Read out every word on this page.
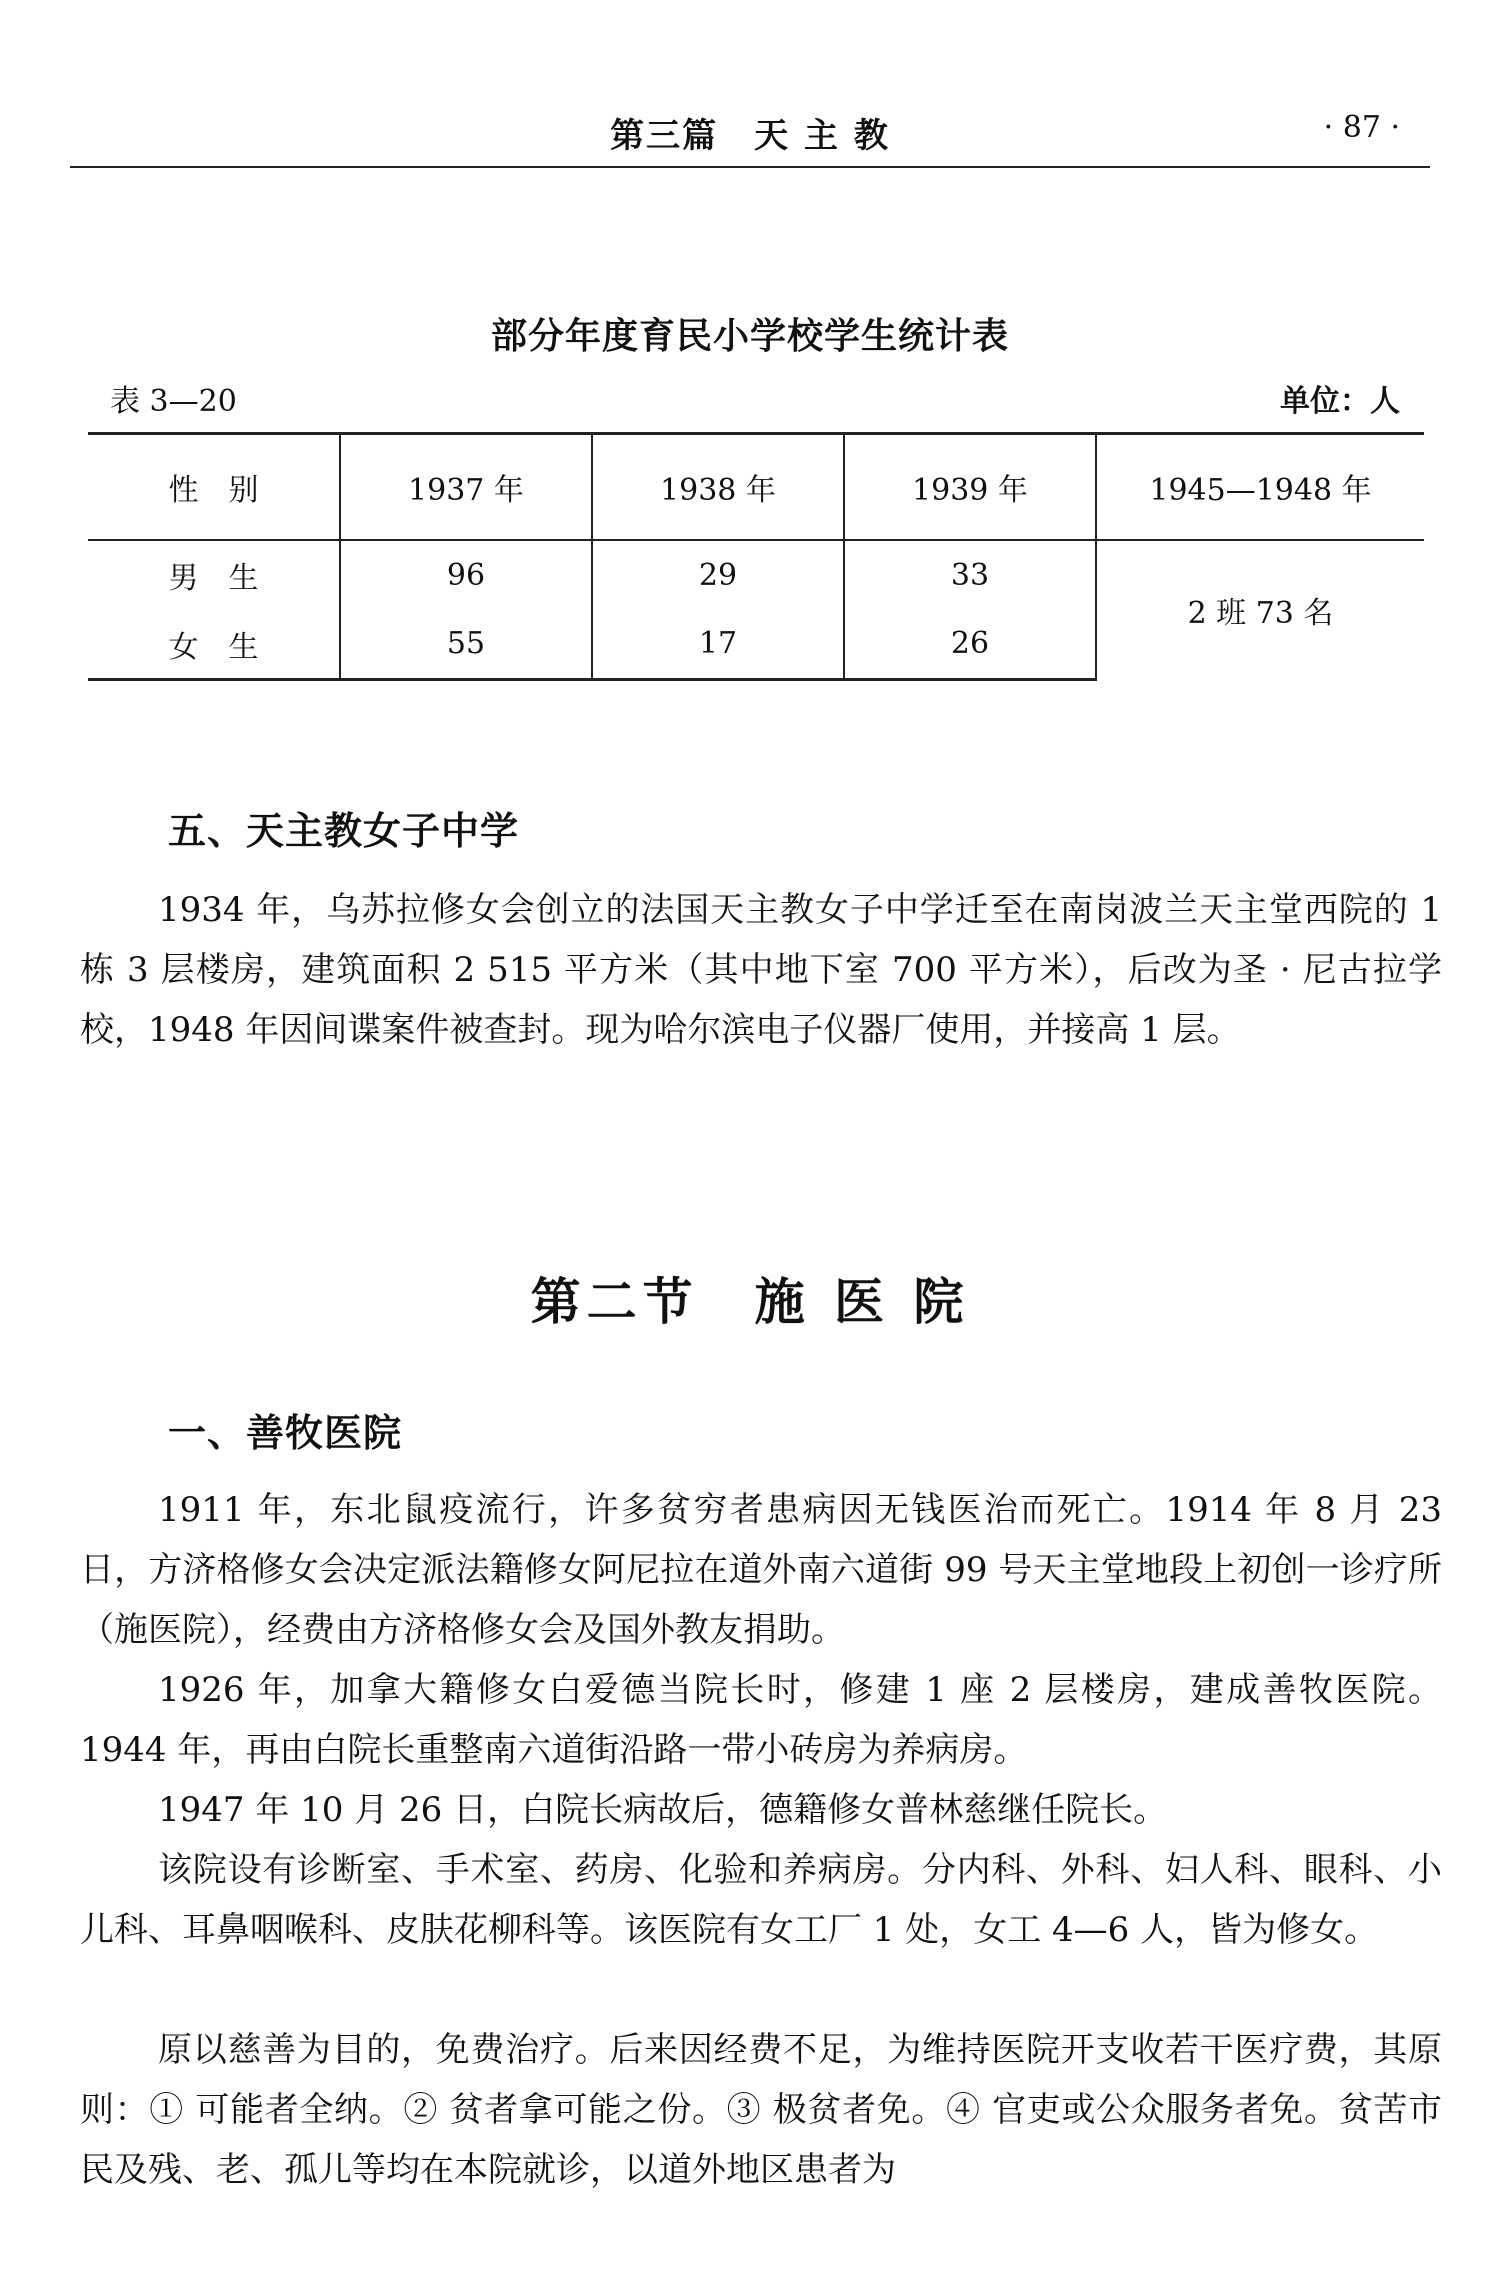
第三篇　天 主 教	· 87 ·
部分年度育民小学校学生统计表
表 3—20	单位：人
性　别	1937 年	1938 年	1939 年	1945—1948 年
男　生	96	29	33	2 班 73 名
女　生	55	17	26	
五、天主教女子中学

1934 年，乌苏拉修女会创立的法国天主教女子中学迁至在南岗波兰天主堂西院的 1 栋 3 层楼房，建筑面积 2 515 平方米（其中地下室 700 平方米），后改为圣 · 尼古拉学校，1948 年因间谍案件被查封。现为哈尔滨电子仪器厂使用，并接高 1 层。

第二节　施 医 院
一、善牧医院

1911 年，东北鼠疫流行，许多贫穷者患病因无钱医治而死亡。1914 年 8 月 23 日，方济格修女会决定派法籍修女阿尼拉在道外南六道街 99 号天主堂地段上初创一诊疗所（施医院），经费由方济格修女会及国外教友捐助。

1926 年，加拿大籍修女白爱德当院长时，修建 1 座 2 层楼房，建成善牧医院。1944 年，再由白院长重整南六道街沿路一带小砖房为养病房。

1947 年 10 月 26 日，白院长病故后，德籍修女普林慈继任院长。

该院设有诊断室、手术室、药房、化验和养病房。分内科、外科、妇人科、眼科、小儿科、耳鼻咽喉科、皮肤花柳科等。该医院有女工厂 1 处，女工 4—6 人，皆为修女。

原以慈善为目的，免费治疗。后来因经费不足，为维持医院开支收若干医疗费，其原则：① 可能者全纳。② 贫者拿可能之份。③ 极贫者免。④ 官吏或公众服务者免。贫苦市民及残、老、孤儿等均在本院就诊，以道外地区患者为
